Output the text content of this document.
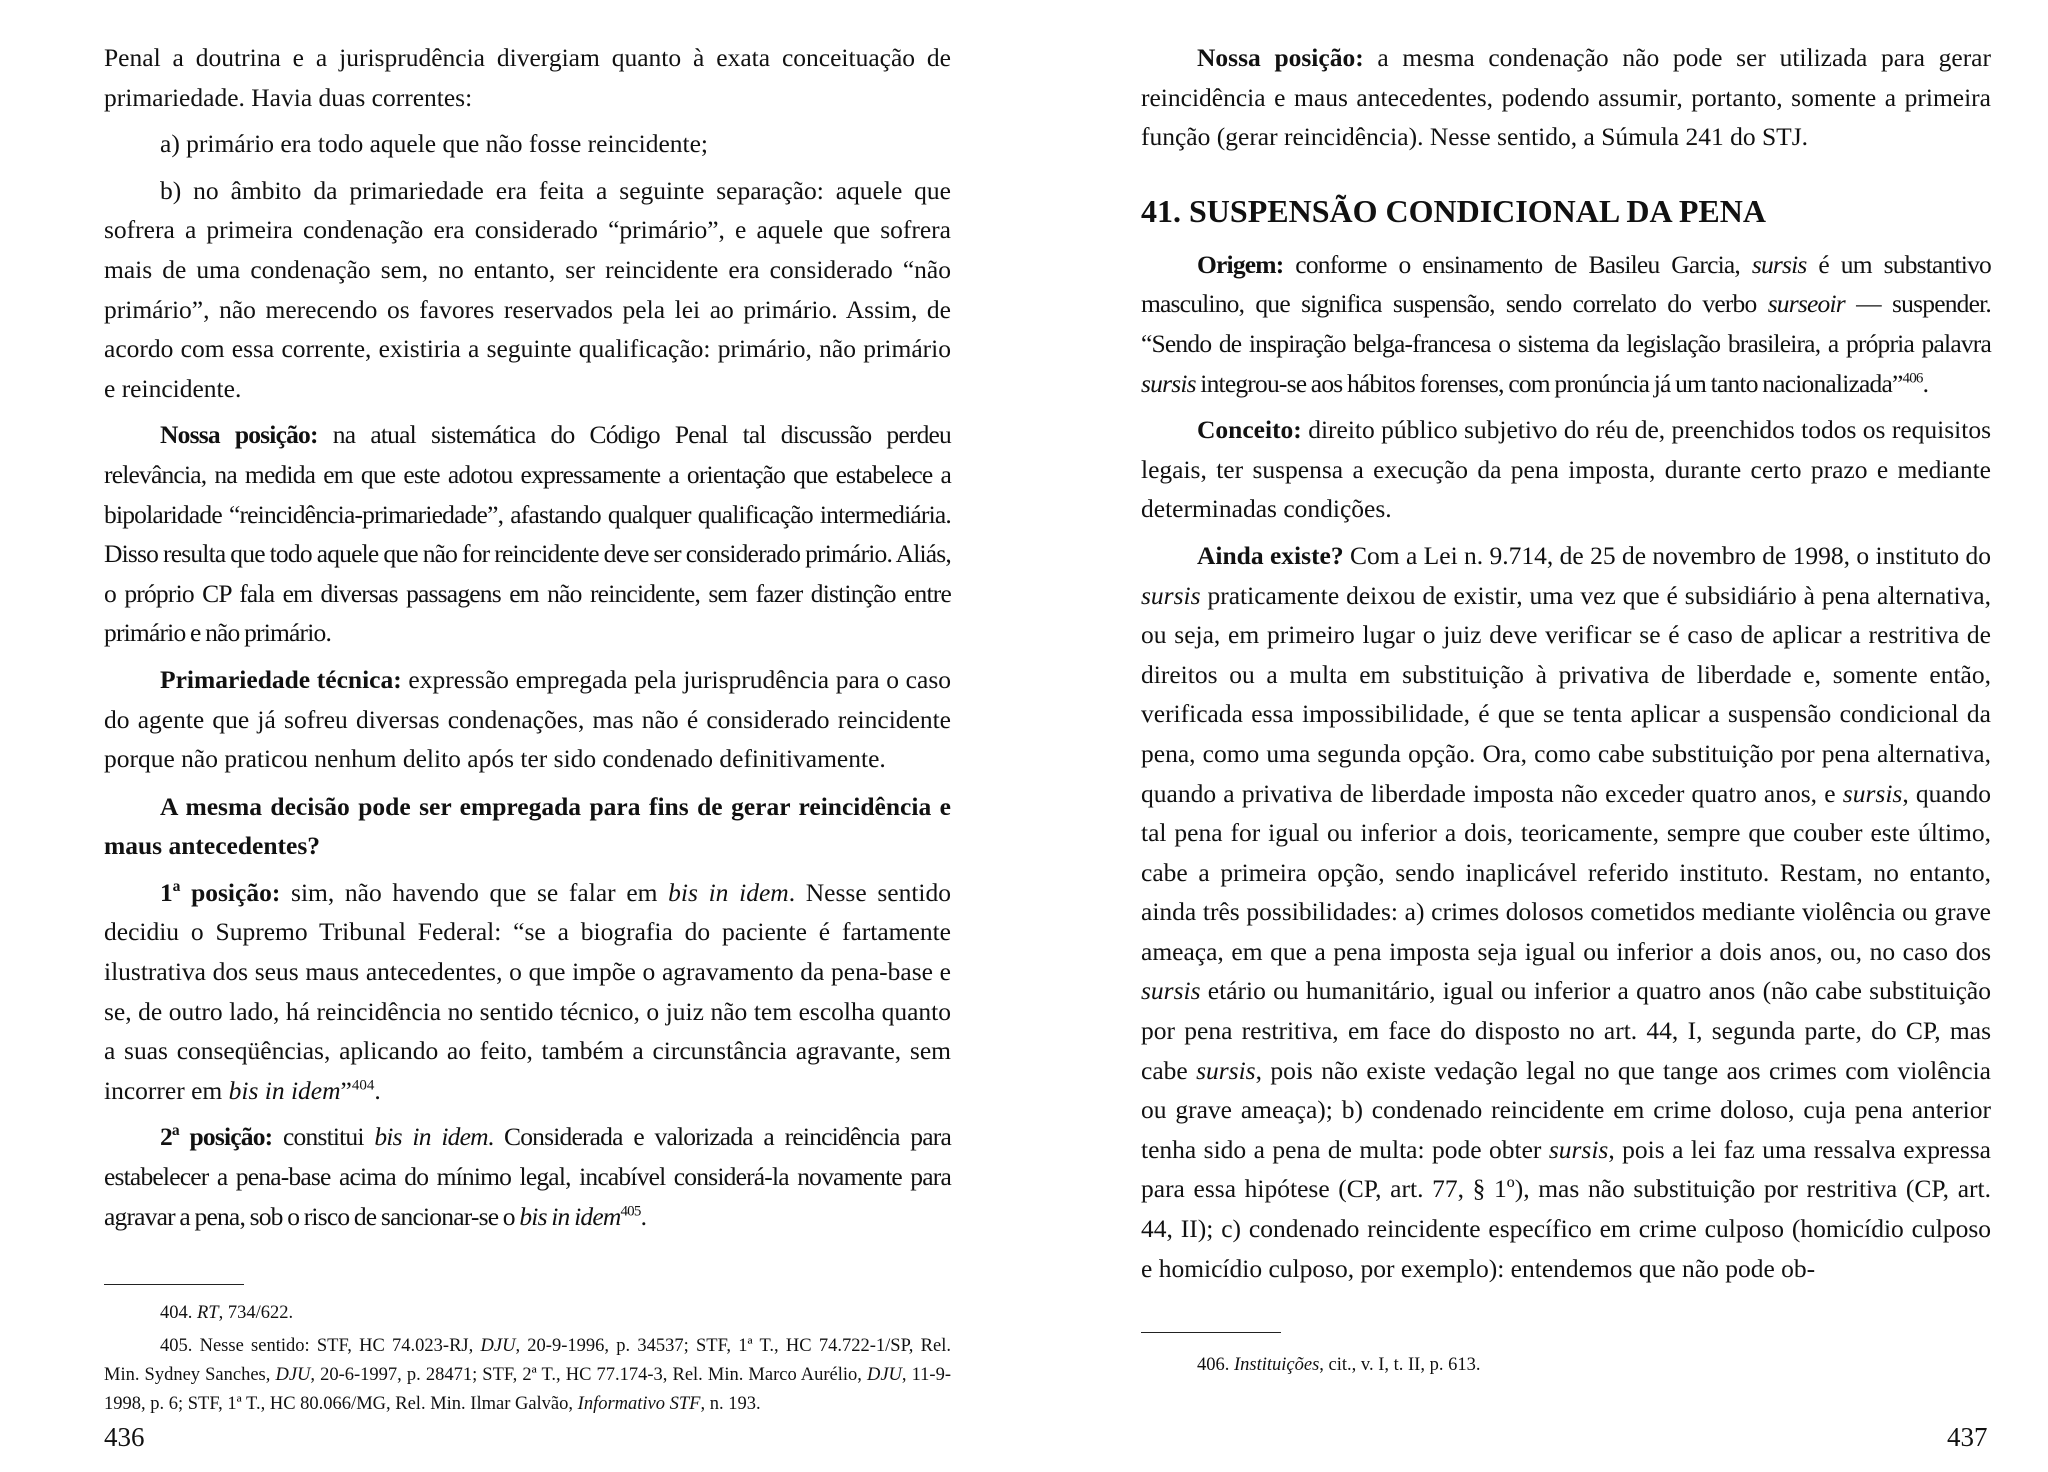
Penal a doutrina e a jurisprudência divergiam quanto à exata conceituação de primariedade. Havia duas correntes:

a) primário era todo aquele que não fosse reincidente;

b) no âmbito da primariedade era feita a seguinte separação: aquele que sofrera a primeira condenação era considerado “primário”, e aquele que sofrera mais de uma condenação sem, no entanto, ser reincidente era considerado “não primário”, não merecendo os favores reservados pela lei ao primário. Assim, de acordo com essa corrente, existiria a seguinte qualificação: primário, não primário e reincidente.

Nossa posição: na atual sistemática do Código Penal tal discussão perdeu relevância, na medida em que este adotou expressamente a orientação que estabelece a bipolaridade “reincidência-primariedade”, afastando qualquer qualificação intermediária. Disso resulta que todo aquele que não for reincidente deve ser considerado primário. Aliás, o próprio CP fala em diversas passagens em não reincidente, sem fazer distinção entre primário e não primário.

Primariedade técnica: expressão empregada pela jurisprudência para o caso do agente que já sofreu diversas condenações, mas não é considerado reincidente porque não praticou nenhum delito após ter sido condenado definitivamente.

A mesma decisão pode ser empregada para fins de gerar reincidência e maus antecedentes?

1ª posição: sim, não havendo que se falar em bis in idem. Nesse sentido decidiu o Supremo Tribunal Federal: “se a biografia do paciente é fartamente ilustrativa dos seus maus antecedentes, o que impõe o agravamento da pena-base e se, de outro lado, há reincidência no sentido técnico, o juiz não tem escolha quanto a suas conseqüências, aplicando ao feito, também a circunstância agravante, sem incorrer em bis in idem”$^{404}$.

2ª posição: constitui bis in idem. Considerada e valorizada a reincidência para estabelecer a pena-base acima do mínimo legal, incabível considerá-la novamente para agravar a pena, sob o risco de sancionar-se o bis in idem$^{405}$.

404. RT, 734/622.

405. Nesse sentido: STF, HC 74.023-RJ, DJU, 20-9-1996, p. 34537; STF, 1ª T., HC 74.722-1/SP, Rel. Min. Sydney Sanches, DJU, 20-6-1997, p. 28471; STF, 2ª T., HC 77.174-3, Rel. Min. Marco Aurélio, DJU, 11-9-1998, p. 6; STF, 1ª T., HC 80.066/MG, Rel. Min. Ilmar Galvão, Informativo STF, n. 193.

436

Nossa posição: a mesma condenação não pode ser utilizada para gerar reincidência e maus antecedentes, podendo assumir, portanto, somente a primeira função (gerar reincidência). Nesse sentido, a Súmula 241 do STJ.

41. SUSPENSÃO CONDICIONAL DA PENA

Origem: conforme o ensinamento de Basileu Garcia, sursis é um substantivo masculino, que significa suspensão, sendo correlato do verbo surseoir — suspender. “Sendo de inspiração belga-francesa o sistema da legislação brasileira, a própria palavra sursis integrou-se aos hábitos forenses, com pronúncia já um tanto nacionalizada”$^{406}$.

Conceito: direito público subjetivo do réu de, preenchidos todos os requisitos legais, ter suspensa a execução da pena imposta, durante certo prazo e mediante determinadas condições.

Ainda existe? Com a Lei n. 9.714, de 25 de novembro de 1998, o instituto do sursis praticamente deixou de existir, uma vez que é subsidiário à pena alternativa, ou seja, em primeiro lugar o juiz deve verificar se é caso de aplicar a restritiva de direitos ou a multa em substituição à privativa de liberdade e, somente então, verificada essa impossibilidade, é que se tenta aplicar a suspensão condicional da pena, como uma segunda opção. Ora, como cabe substituição por pena alternativa, quando a privativa de liberdade imposta não exceder quatro anos, e sursis, quando tal pena for igual ou inferior a dois, teoricamente, sempre que couber este último, cabe a primeira opção, sendo inaplicável referido instituto. Restam, no entanto, ainda três possibilidades: a) crimes dolosos cometidos mediante violência ou grave ameaça, em que a pena imposta seja igual ou inferior a dois anos, ou, no caso dos sursis etário ou humanitário, igual ou inferior a quatro anos (não cabe substituição por pena restritiva, em face do disposto no art. 44, I, segunda parte, do CP, mas cabe sursis, pois não existe vedação legal no que tange aos crimes com violência ou grave ameaça); b) condenado reincidente em crime doloso, cuja pena anterior tenha sido a pena de multa: pode obter sursis, pois a lei faz uma ressalva expressa para essa hipótese (CP, art. 77, § 1º), mas não substituição por restritiva (CP, art. 44, II); c) condenado reincidente específico em crime culposo (homicídio culposo e homicídio culposo, por exemplo): entendemos que não pode ob-

406. Instituições, cit., v. I, t. II, p. 613.

437
